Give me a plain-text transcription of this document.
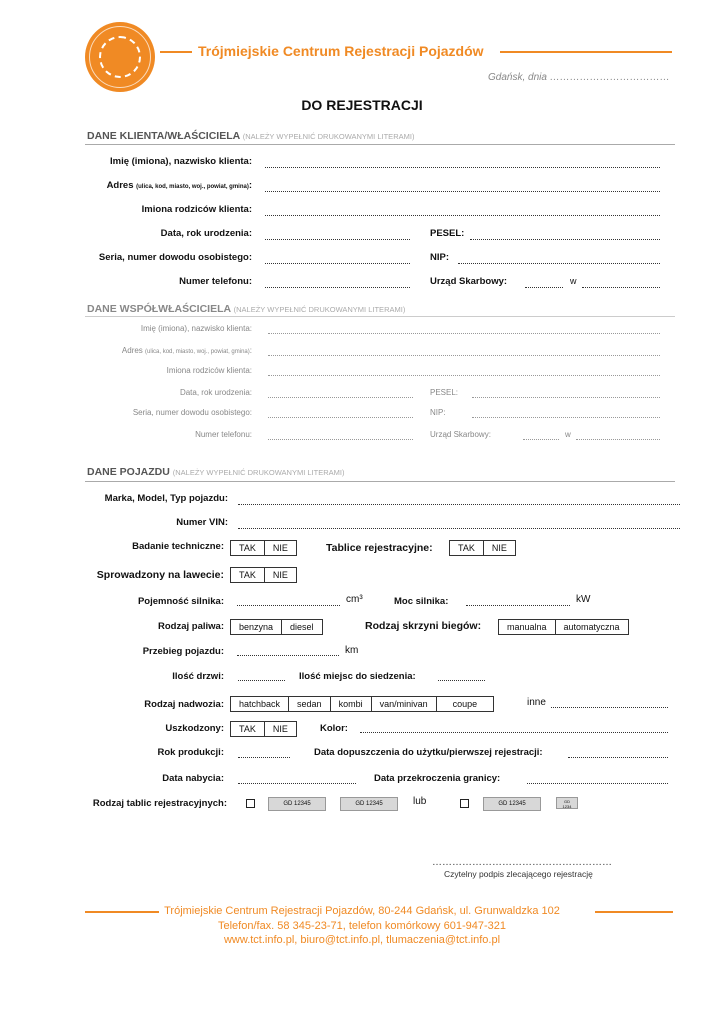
Trójmiejskie Centrum Rejestracji Pojazdów
Gdańsk, dnia ………………………………
DO REJESTRACJI
DANE KLIENTA/WŁAŚCICIELA (NALEŻY WYPEŁNIĆ DRUKOWANYMI LITERAMI)
Imię (imiona), nazwisko klienta:
Adres (ulica, kod, miasto, woj., powiat, gmina):
Imiona rodziców klienta:
Data, rok urodzenia:	PESEL:
Seria, numer dowodu osobistego:	NIP:
Numer telefonu:	Urząd Skarbowy:	w
DANE WSPÓŁWŁAŚCICIELA (NALEŻY WYPEŁNIĆ DRUKOWANYMI LITERAMI)
Imię (imiona), nazwisko klienta:
Adres (ulica, kod, miasto, woj., powiat, gmina):
Imiona rodziców klienta:
Data, rok urodzenia:	PESEL:
Seria, numer dowodu osobistego:	NIP:
Numer telefonu:	Urząd Skarbowy:	w
DANE POJAZDU (NALEŻY WYPEŁNIĆ DRUKOWANYMI LITERAMI)
Marka, Model, Typ pojazdu:
Numer VIN:
Badanie techniczne:	TAK	NIE	Tablice rejestracyjne:	TAK	NIE
Sprowadzony na lawecie:	TAK	NIE
Pojemność silnika:	cm³	Moc silnika:	kW
Rodzaj paliwa:	benzyna	diesel	Rodzaj skrzyni biegów:	manualna	automatyczna
Przebieg pojazdu:	km
Ilość drzwi:	Ilość miejsc do siedzenia:
Rodzaj nadwozia:	hatchback	sedan	kombi	van/minivan	coupe	inne
Uszkodzony:	TAK	NIE	Kolor:
Rok produkcji:	Data dopuszczenia do użytku/pierwszej rejestracji:
Data nabycia:	Data przekroczenia granicy:
Rodzaj tablic rejestracyjnych:	GD 12345	GD 12345	lub	GD 12345	GD
1234
………………………………………………
Czytelny podpis zlecającego rejestrację
Trójmiejskie Centrum Rejestracji Pojazdów, 80-244 Gdańsk, ul. Grunwaldzka 102
Telefon/fax. 58 345-23-71, telefon komórkowy 601-947-321
www.tct.info.pl, biuro@tct.info.pl, tlumaczenia@tct.info.pl
